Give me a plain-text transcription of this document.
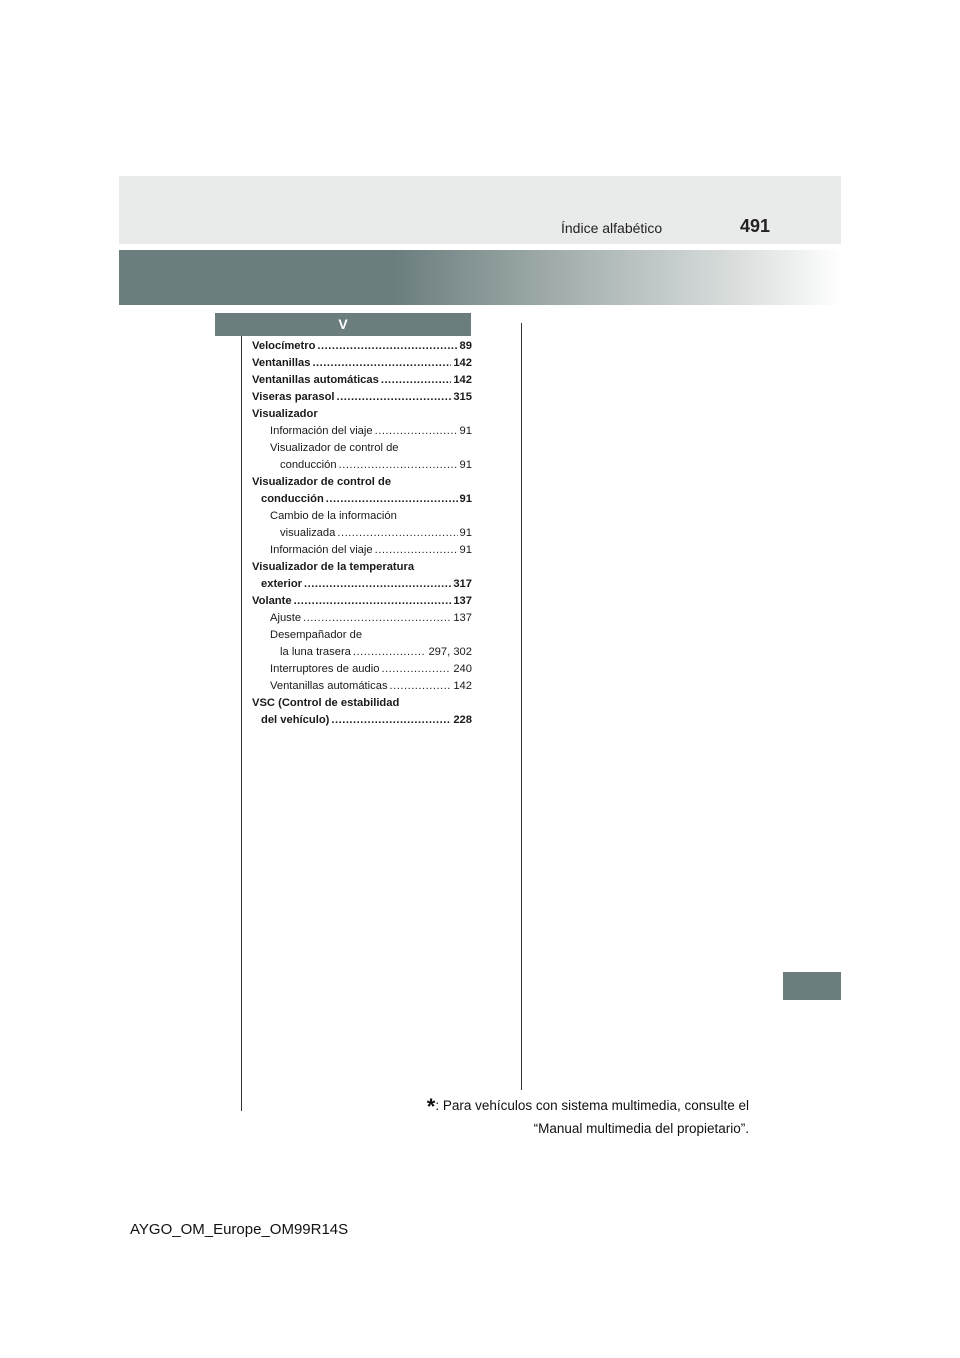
Índice alfabético	491
V
Velocímetro .....	89
Ventanillas .....	142
Ventanillas automáticas .....	142
Viseras parasol .....	315
Visualizador
Información del viaje .....	91
Visualizador de control de
conducción .....	91
Visualizador de control de
conducción .....	91
Cambio de la información
visualizada .....	91
Información del viaje .....	91
Visualizador de la temperatura
exterior .....	317
Volante .....	137
Ajuste .....	137
Desempañador de
la luna trasera .....	297, 302
Interruptores de audio .....	240
Ventanillas automáticas .....	142
VSC (Control de estabilidad
del vehículo) .....	228
*: Para vehículos con sistema multimedia, consulte el
“Manual multimedia del propietario”.
AYGO_OM_Europe_OM99R14S
